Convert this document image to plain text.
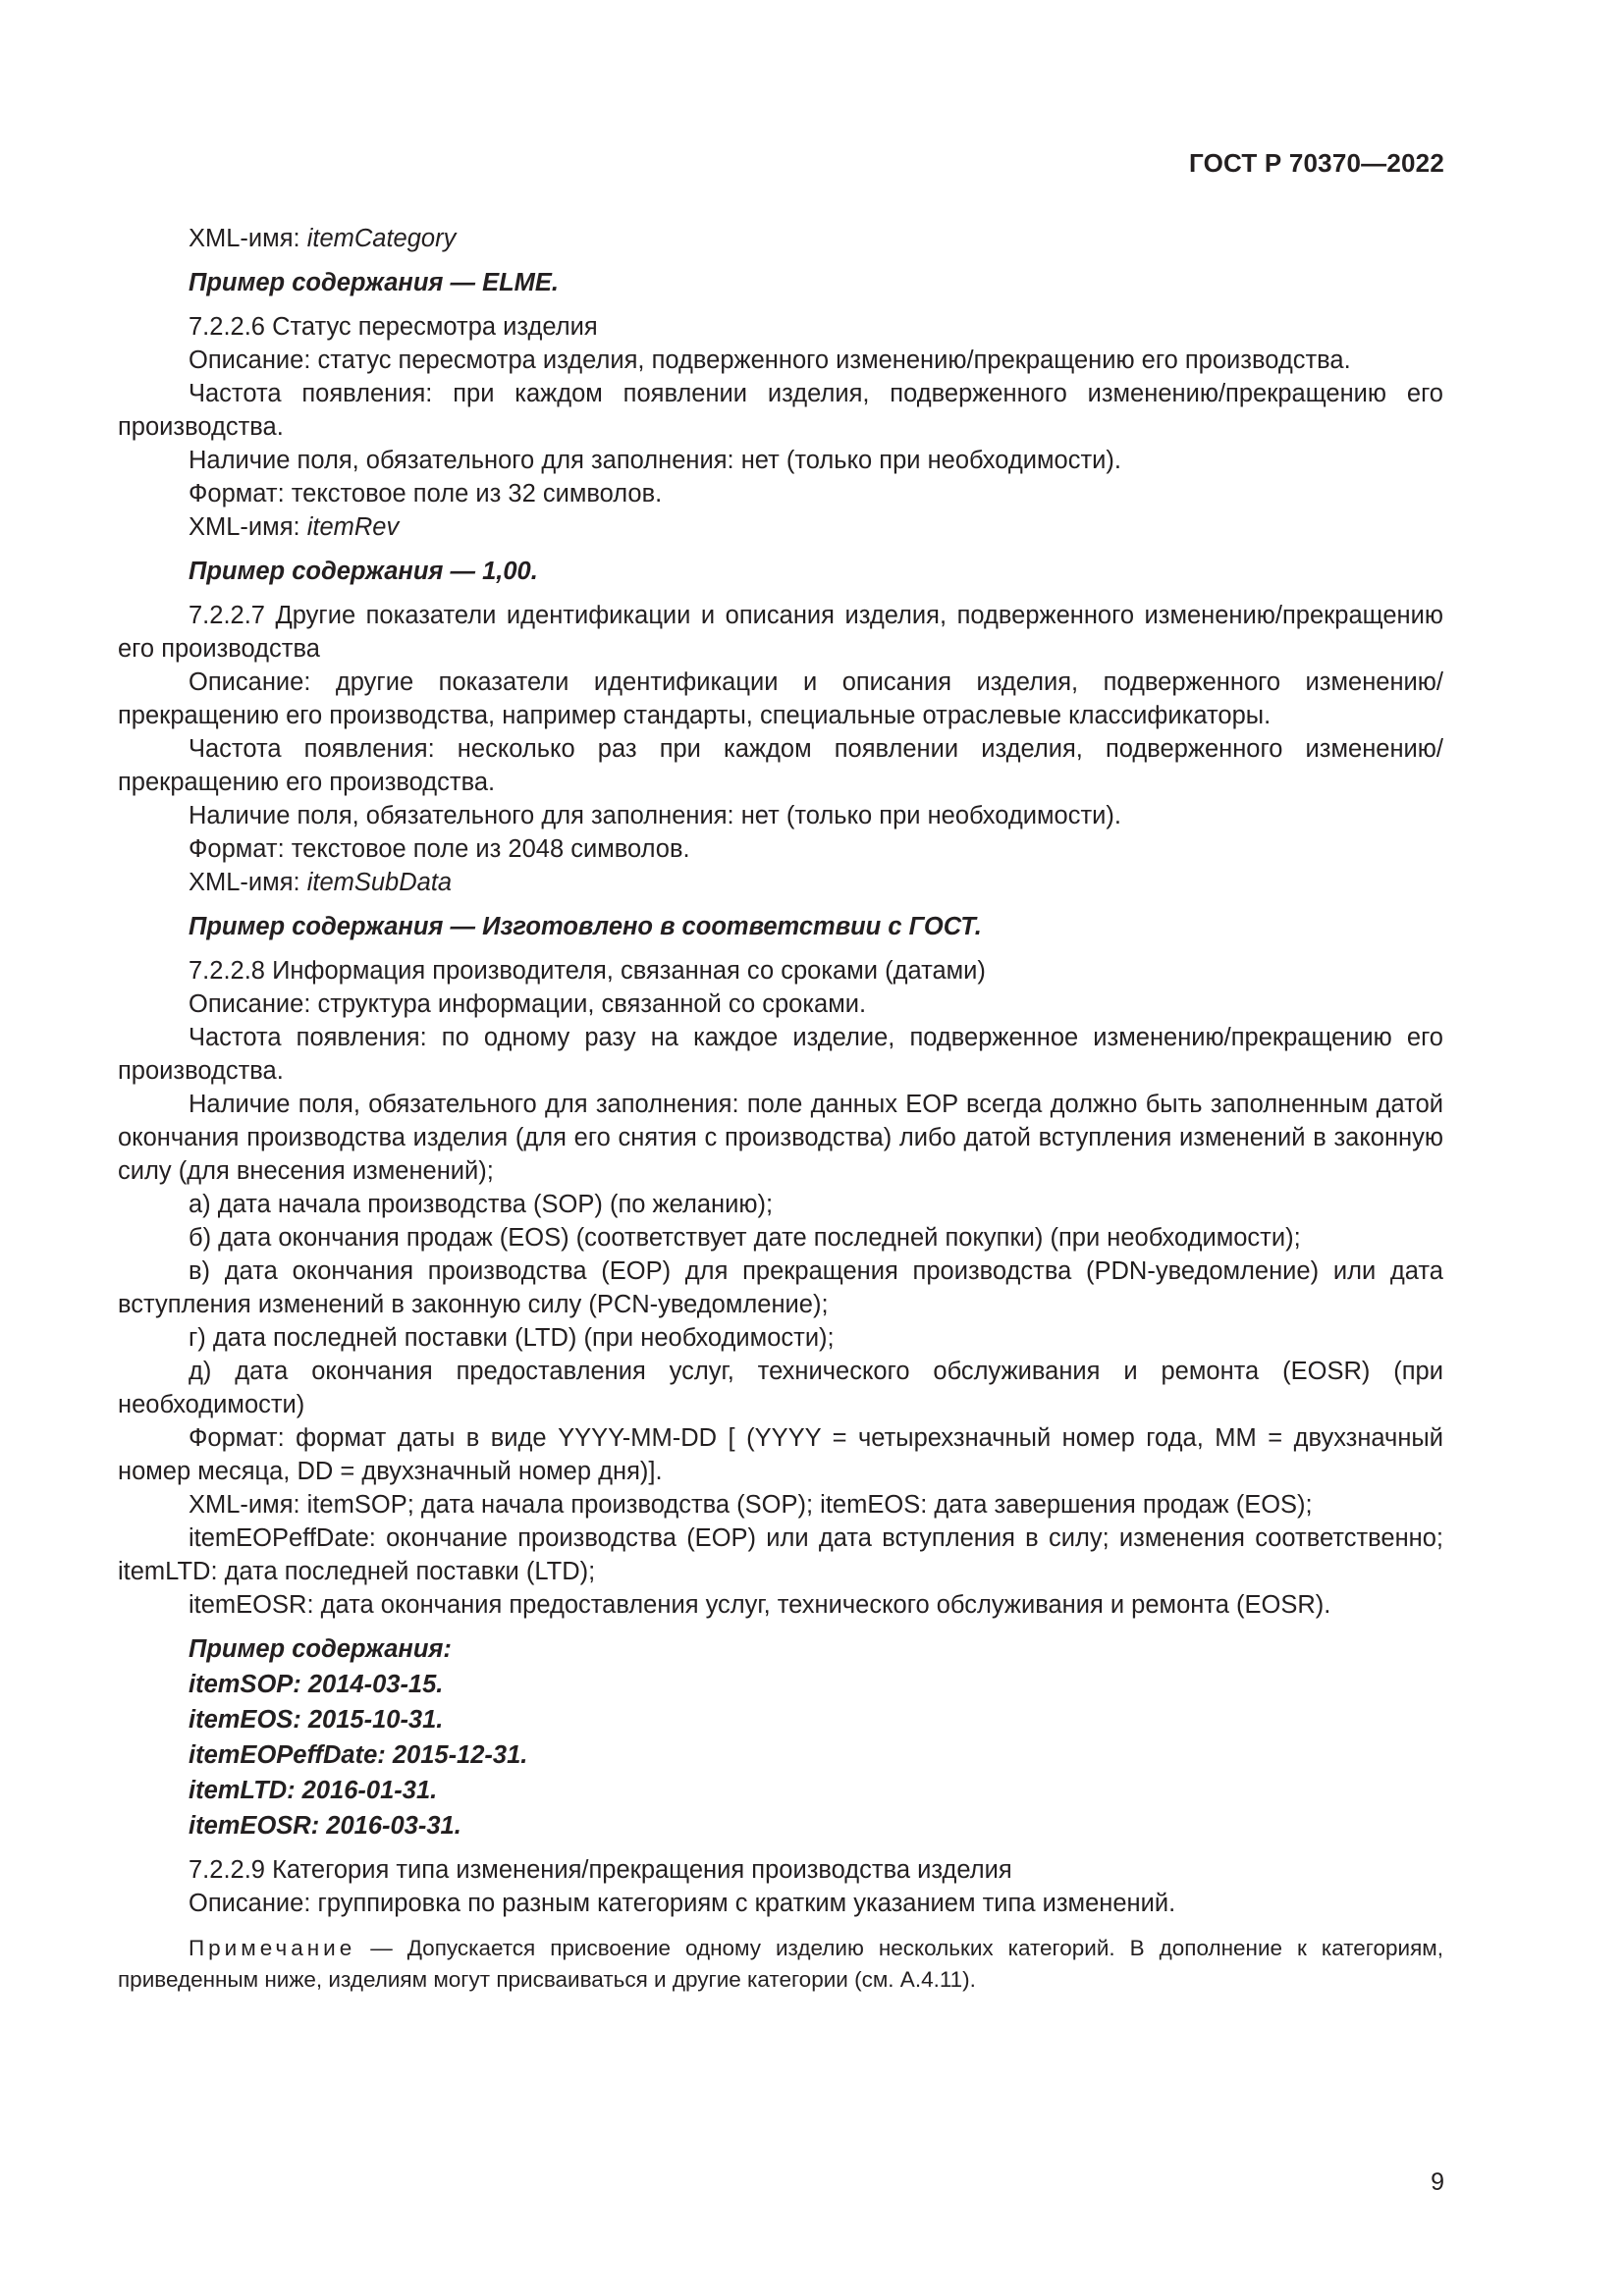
ГОСТ Р 70370—2022

XML-имя: itemCategory

Пример содержания — ELME.

7.2.2.6 Статус пересмотра изделия

Описание: статус пересмотра изделия, подверженного изменению/прекращению его производства.

Частота появления: при каждом появлении изделия, подверженного изменению/прекращению его производства.

Наличие поля, обязательного для заполнения: нет (только при необходимости).

Формат: текстовое поле из 32 символов.

XML-имя: itemRev

Пример содержания — 1,00.

7.2.2.7 Другие показатели идентификации и описания изделия, подверженного изменению/прекращению его производства

Описание: другие показатели идентификации и описания изделия, подверженного изменению/ прекращению его производства, например стандарты, специальные отраслевые классификаторы.

Частота появления: несколько раз при каждом появлении изделия, подверженного изменению/ прекращению его производства.

Наличие поля, обязательного для заполнения: нет (только при необходимости).

Формат: текстовое поле из 2048 символов.

XML-имя: itemSubData

Пример содержания — Изготовлено в соответствии с ГОСТ.

7.2.2.8 Информация производителя, связанная со сроками (датами)

Описание: структура информации, связанной со сроками.

Частота появления: по одному разу на каждое изделие, подверженное изменению/прекращению его производства.

Наличие поля, обязательного для заполнения: поле данных EOP всегда должно быть заполненным датой окончания производства изделия (для его снятия с производства) либо датой вступления изменений в законную силу (для внесения изменений);

а) дата начала производства (SOP) (по желанию);

б) дата окончания продаж (EOS) (соответствует дате последней покупки) (при необходимости);

в) дата окончания производства (EOP) для прекращения производства (PDN-уведомление) или дата вступления изменений в законную силу (PCN-уведомление);

г) дата последней поставки (LTD) (при необходимости);

д) дата окончания предоставления услуг, технического обслуживания и ремонта (EOSR) (при необходимости)

Формат: формат даты в виде YYYY-MM-DD [ (YYYY = четырехзначный номер года, MM = двухзначный номер месяца, DD = двухзначный номер дня)].

XML-имя: itemSOP; дата начала производства (SOP); itemEOS: дата завершения продаж (EOS);

itemEOPeffDate: окончание производства (EOP) или дата вступления в силу; изменения соответственно; itemLTD: дата последней поставки (LTD);

itemEOSR: дата окончания предоставления услуг, технического обслуживания и ремонта (EOSR).

Пример содержания:

itemSOP: 2014-03-15.

itemEOS: 2015-10-31.

itemEOPeffDate: 2015-12-31.

itemLTD: 2016-01-31.

itemEOSR: 2016-03-31.

7.2.2.9 Категория типа изменения/прекращения производства изделия

Описание: группировка по разным категориям с кратким указанием типа изменений.

Примечание — Допускается присвоение одному изделию нескольких категорий. В дополнение к категориям, приведенным ниже, изделиям могут присваиваться и другие категории (см. А.4.11).

9
